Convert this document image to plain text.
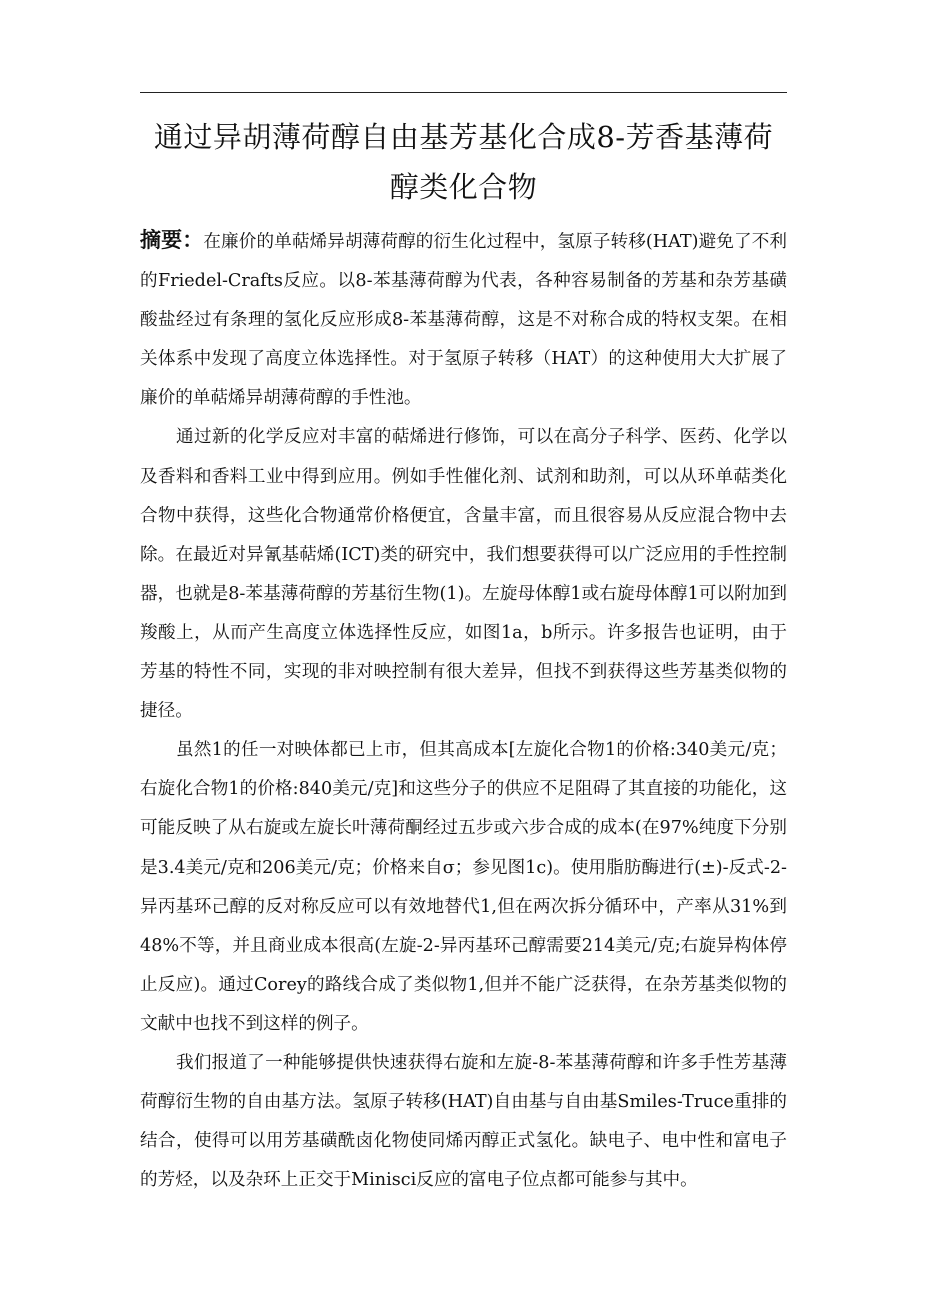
通过异胡薄荷醇自由基芳基化合成8-芳香基薄荷醇类化合物

摘要：在廉价的单萜烯异胡薄荷醇的衍生化过程中，氢原子转移(HAT)避免了不利的Friedel-Crafts反应。以8-苯基薄荷醇为代表，各种容易制备的芳基和杂芳基磺酸盐经过有条理的氢化反应形成8-苯基薄荷醇，这是不对称合成的特权支架。在相关体系中发现了高度立体选择性。对于氢原子转移（HAT）的这种使用大大扩展了廉价的单萜烯异胡薄荷醇的手性池。

通过新的化学反应对丰富的萜烯进行修饰，可以在高分子科学、医药、化学以及香料和香料工业中得到应用。例如手性催化剂、试剂和助剂，可以从环单萜类化合物中获得，这些化合物通常价格便宜，含量丰富，而且很容易从反应混合物中去除。在最近对异氰基萜烯(ICT)类的研究中，我们想要获得可以广泛应用的手性控制器，也就是8-苯基薄荷醇的芳基衍生物(1)。左旋母体醇1或右旋母体醇1可以附加到羧酸上，从而产生高度立体选择性反应，如图1a，b所示。许多报告也证明，由于芳基的特性不同，实现的非对映控制有很大差异，但找不到获得这些芳基类似物的捷径。

虽然1的任一对映体都已上市，但其高成本[左旋化合物1的价格:340美元/克；右旋化合物1的价格:840美元/克]和这些分子的供应不足阻碍了其直接的功能化，这可能反映了从右旋或左旋长叶薄荷酮经过五步或六步合成的成本(在97%纯度下分别是3.4美元/克和206美元/克；价格来自σ；参见图1c)。使用脂肪酶进行(±)-反式-2-异丙基环己醇的反对称反应可以有效地替代1,但在两次拆分循环中，产率从31%到48%不等，并且商业成本很高(左旋-2-异丙基环己醇需要214美元/克;右旋异构体停止反应)。通过Corey的路线合成了类似物1,但并不能广泛获得，在杂芳基类似物的文献中也找不到这样的例子。

我们报道了一种能够提供快速获得右旋和左旋-8-苯基薄荷醇和许多手性芳基薄荷醇衍生物的自由基方法。氢原子转移(HAT)自由基与自由基Smiles-Truce重排的结合，使得可以用芳基磺酰卤化物使同烯丙醇正式氢化。缺电子、电中性和富电子的芳烃，以及杂环上正交于Minisci反应的富电子位点都可能参与其中。
